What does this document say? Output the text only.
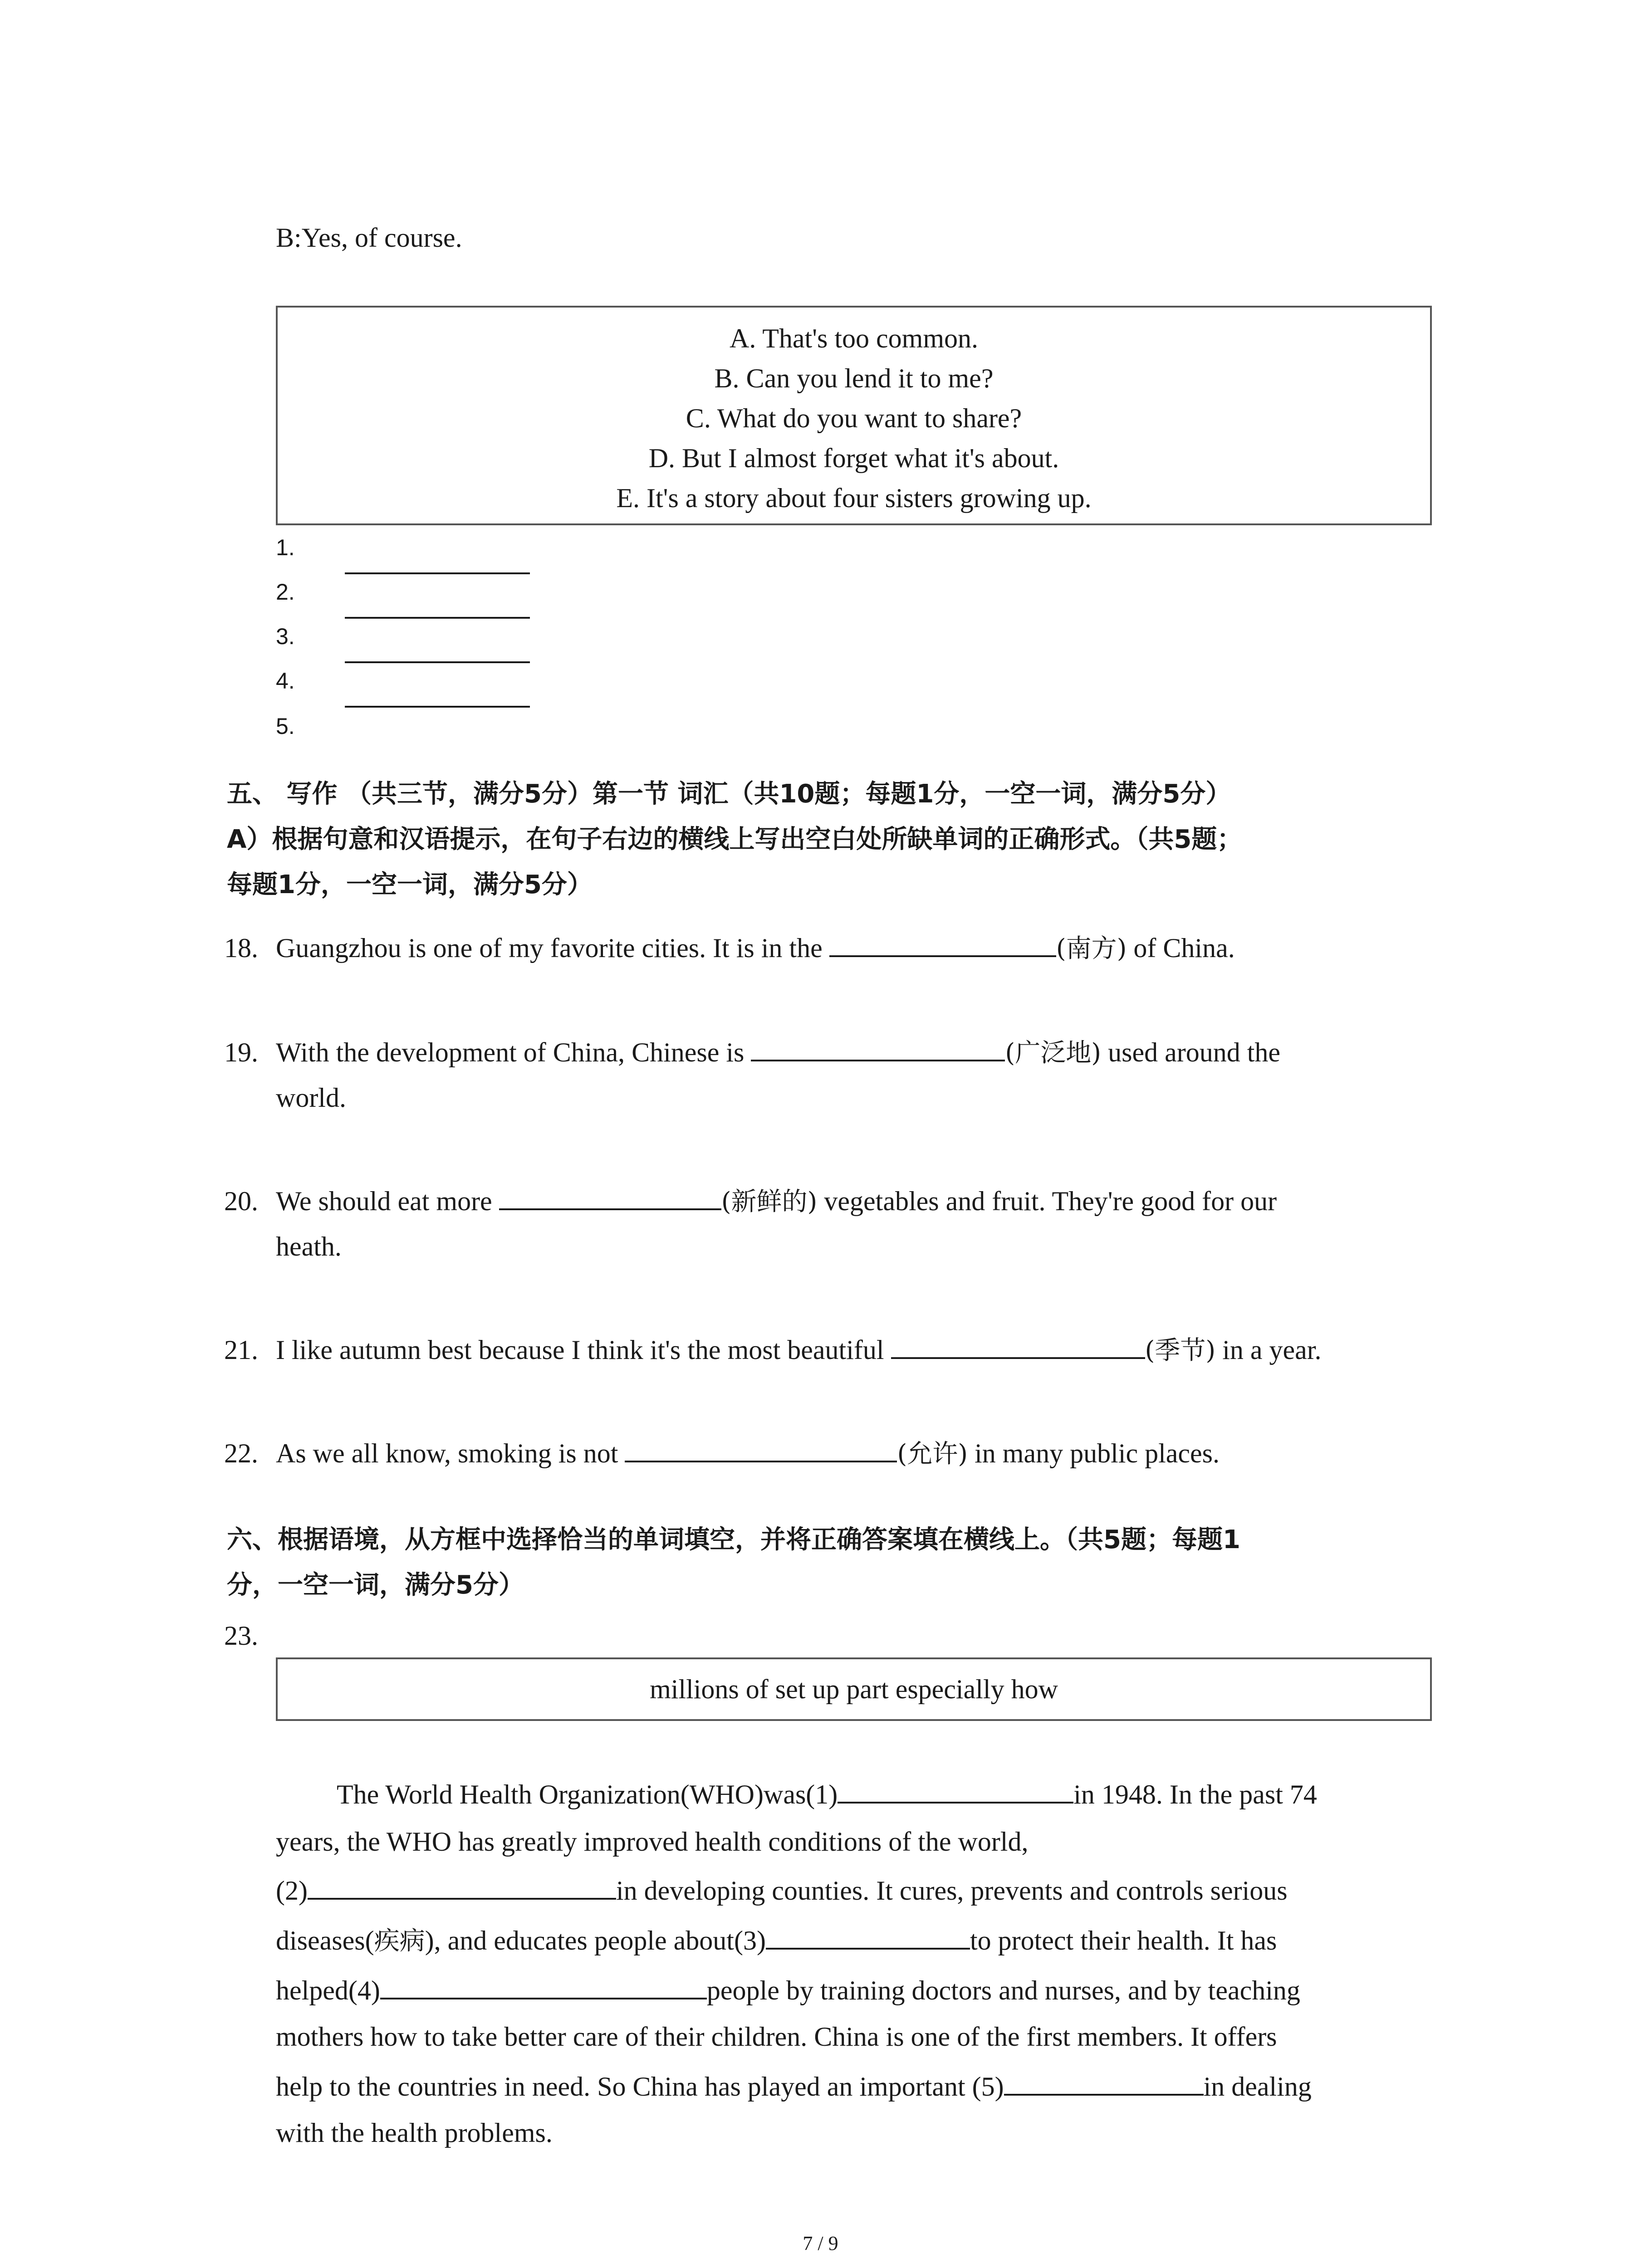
B:Yes, of course.
A. That's too common.
B. Can you lend it to me?
C. What do you want to share?
D. But I almost forget what it's about.
E. It's a story about four sisters growing up.
1.
2.
3.
4.
5.
五、 写作 （共三节，满分5分）第一节 词汇（共10题；每题1分，一空一词，满分5分）
A）根据句意和汉语提示，在句子右边的横线上写出空白处所缺单词的正确形式。（共5题；
每题1分，一空一词，满分5分）
18. Guangzhou is one of my favorite cities. It is in the	(南方) of China.
19. With the development of China, Chinese is	(广泛地) used around the
world.
20. We should eat more	(新鲜的) vegetables and fruit. They're good for our
heath.
21. I like autumn best because I think it's the most beautiful	(季节) in a year.
22. As we all know, smoking is not	(允许) in many public places.
六、根据语境，从方框中选择恰当的单词填空，并将正确答案填在横线上。（共5题；每题1
分，一空一词，满分5分）
23.
millions of set up part especially how
The World Health Organization(WHO)was(1)	in 1948. In the past 74
years, the WHO has greatly improved health conditions of the world,
(2)	in developing counties. It cures, prevents and controls serious
diseases(疾病), and educates people about(3)	to protect their health. It has
helped(4)	people by training doctors and nurses, and by teaching
mothers how to take better care of their children. China is one of the first members. It offers
help to the countries in need. So China has played an important (5)	in dealing
with the health problems.
7 / 9
